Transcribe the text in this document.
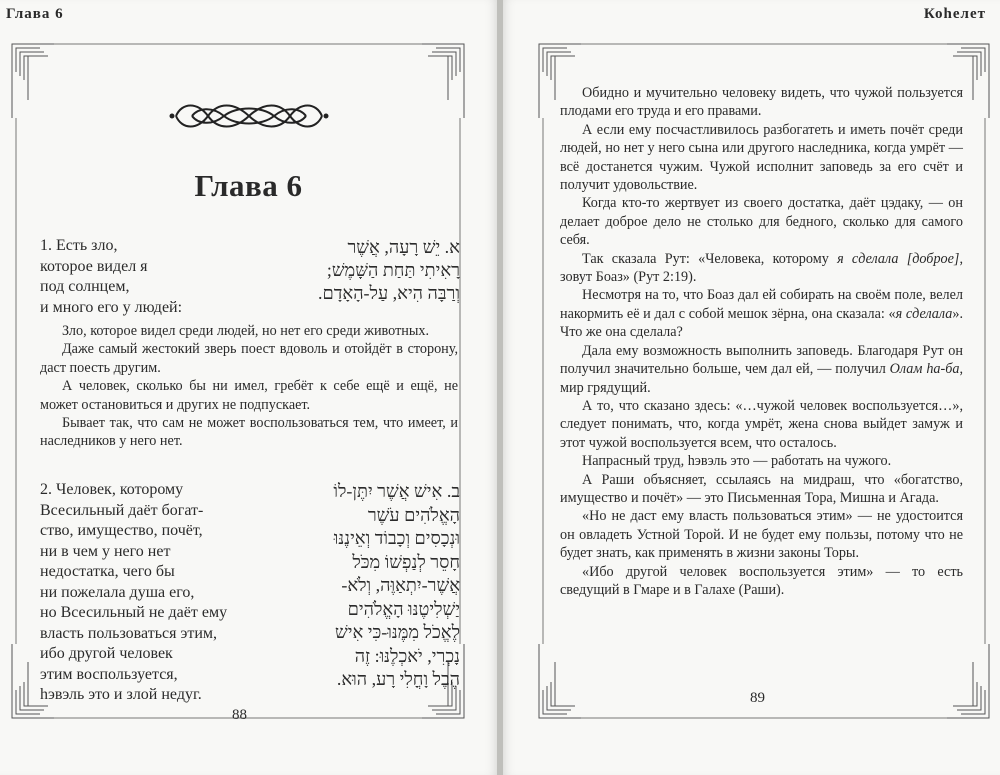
Глава 6
Глава 6
1. Есть зло,
которое видел я
под солнцем,
и много его у людей:
א. יֵשׁ רָעָה, אֲשֶׁר
רָאִיתִי תַּחַת הַשָּׁמֶשׁ;
וְרַבָּה הִיא, עַל-הָאָדָם.

Зло, которое видел среди людей, но нет его среди животных.

Даже самый жестокий зверь поест вдоволь и отойдёт в сторону, даст поесть другим.

А человек, сколько бы ни имел, гребёт к себе ещё и ещё, не может остановиться и других не подпускает.

Бывает так, что сам не может воспользоваться тем, что имеет, и наследников у него нет.

2. Человек, которому
Всесильный даёт богат-
ство, имущество, почёт,
ни в чем у него нет
недостатка, чего бы
ни пожелала душа его,
но Всесильный не даёт ему
власть пользоваться этим,
ибо другой человек
этим воспользуется,
hэвэль это и злой недуг.
ב. אִישׁ אֲשֶׁר יִתֶּן-לוֹ
הָאֱלֹהִים עֹשֶׁר
וּנְכָסִים וְכָבוֹד וְאֵינֶנּוּ
חָסֵר לְנַפְשׁוֹ מִכֹּל
אֲשֶׁר-יִתְאַוֶּה, וְלֹא-
יַשְׁלִיטֶנּוּ הָאֱלֹהִים
לֶאֱכֹל מִמֶּנּוּ-כִּי אִישׁ
נָכְרִי, יֹאכְלֶנּוּ: זֶה
הֶבֶל וָחֳלִי רָע, הוּא.
88
Коhелет

Обидно и мучительно человеку видеть, что чужой пользуется плодами его труда и его правами.

А если ему посчастливилось разбогатеть и иметь почёт среди людей, но нет у него сына или другого наследника, когда умрёт — всё достанется чужим. Чужой исполнит заповедь за его счёт и получит удовольствие.

Когда кто-то жертвует из своего достатка, даёт цэдаку, — он делает доброе дело не столько для бедного, сколько для самого себя.

Так сказала Рут: «Человека, которому я сделала [доброе], зовут Боаз» (Рут 2:19).

Несмотря на то, что Боаз дал ей собирать на своём поле, велел накормить её и дал с собой мешок зёрна, она сказала: «я сделала». Что же она сделала?

Дала ему возможность выполнить заповедь. Благодаря Рут он получил значительно больше, чем дал ей, — получил Олам hа-ба, мир грядущий.

А то, что сказано здесь: «…чужой человек воспользуется…», следует понимать, что, когда умрёт, жена снова выйдет замуж и этот чужой воспользуется всем, что осталось.

Напрасный труд, hэвэль это — работать на чужого.

А Раши объясняет, ссылаясь на мидраш, что «богатство, имущество и почёт» — это Письменная Тора, Мишна и Агада.

«Но не даст ему власть пользоваться этим» — не удостоится он овладеть Устной Торой. И не будет ему пользы, потому что не будет знать, как применять в жизни законы Торы.

«Ибо другой человек воспользуется этим» — то есть сведущий в Гмаре и в Галахе (Раши).

89
